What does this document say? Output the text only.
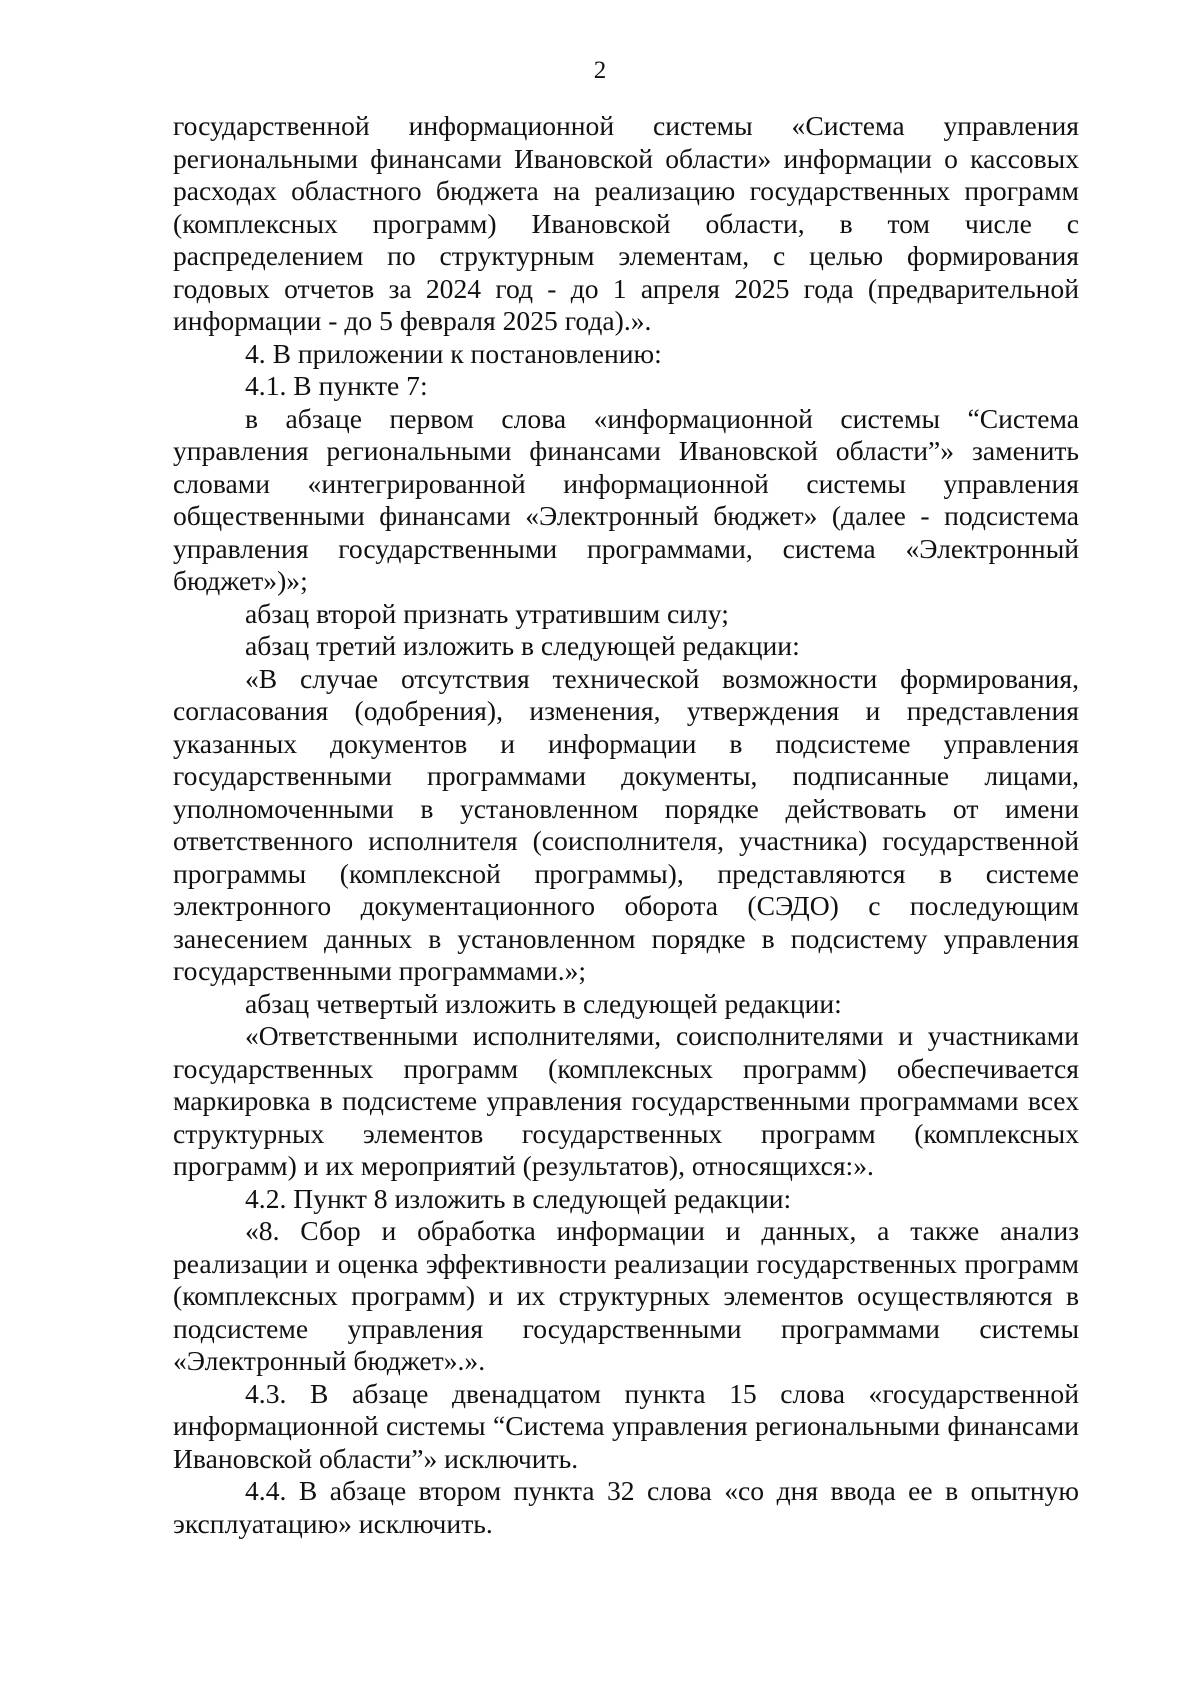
2

государственной информационной системы «Система управления региональными финансами Ивановской области» информации о кассовых расходах областного бюджета на реализацию государственных программ (комплексных программ) Ивановской области, в том числе с распределением по структурным элементам, с целью формирования годовых отчетов за 2024 год - до 1 апреля 2025 года (предварительной информации - до 5 февраля 2025 года).».

4. В приложении к постановлению:

4.1. В пункте 7:

в абзаце первом слова «информационной системы “Система управления региональными финансами Ивановской области”» заменить словами «интегрированной информационной системы управления общественными финансами «Электронный бюджет» (далее - подсистема управления государственными программами, система «Электронный бюджет»)»;

абзац второй признать утратившим силу;

абзац третий изложить в следующей редакции:

«В случае отсутствия технической возможности формирования, согласования (одобрения), изменения, утверждения и представления указанных документов и информации в подсистеме управления государственными программами документы, подписанные лицами, уполномоченными в установленном порядке действовать от имени ответственного исполнителя (соисполнителя, участника) государственной программы (комплексной программы), представляются в системе электронного документационного оборота (СЭДО) с последующим занесением данных в установленном порядке в подсистему управления государственными программами.»;

абзац четвертый изложить в следующей редакции:

«Ответственными исполнителями, соисполнителями и участниками государственных программ (комплексных программ) обеспечивается маркировка в подсистеме управления государственными программами всех структурных элементов государственных программ (комплексных программ) и их мероприятий (результатов), относящихся:».

4.2. Пункт 8 изложить в следующей редакции:

«8. Сбор и обработка информации и данных, а также анализ реализации и оценка эффективности реализации государственных программ (комплексных программ) и их структурных элементов осуществляются в подсистеме управления государственными программами системы «Электронный бюджет».».

4.3. В абзаце двенадцатом пункта 15 слова «государственной информационной системы “Система управления региональными финансами Ивановской области”» исключить.

4.4. В абзаце втором пункта 32 слова «со дня ввода ее в опытную эксплуатацию» исключить.
